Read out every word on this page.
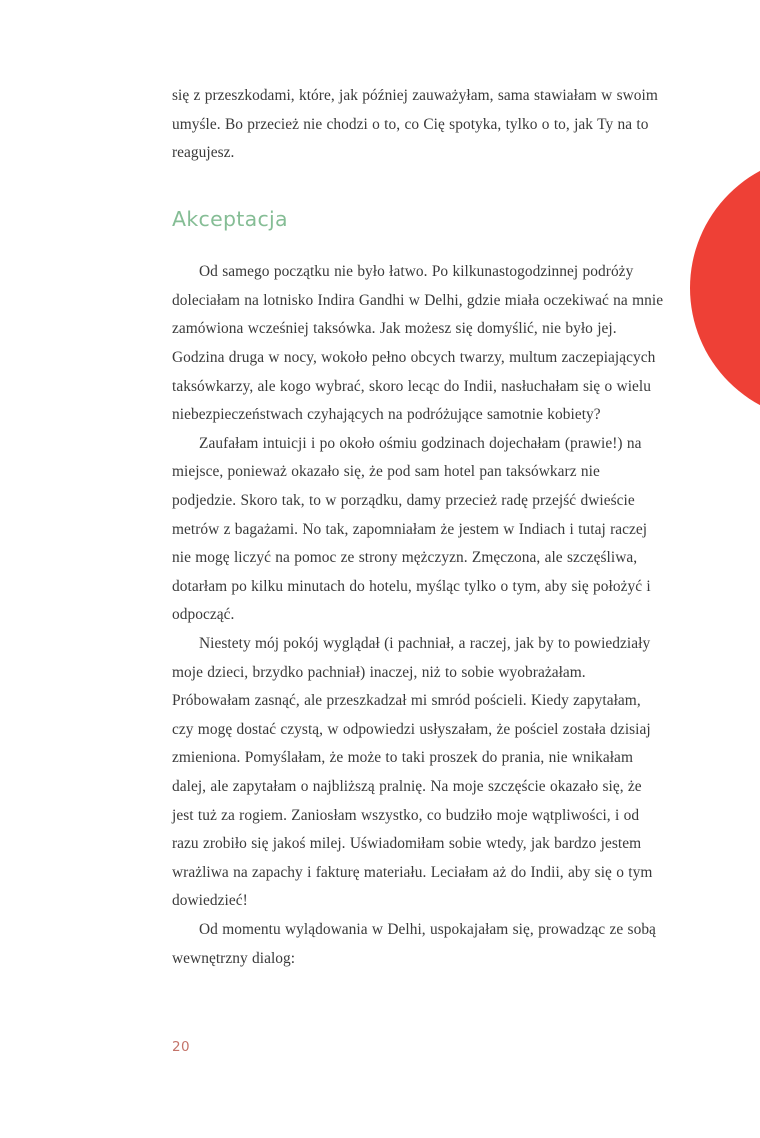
się z przeszkodami, które, jak później zauważyłam, sama stawiałam w swoim umyśle. Bo przecież nie chodzi o to, co Cię spotyka, tylko o to, jak Ty na to reagujesz.

Akceptacja

Od samego początku nie było łatwo. Po kilkunastogodzinnej podróży doleciałam na lotnisko Indira Gandhi w Delhi, gdzie miała oczekiwać na mnie zamówiona wcześniej taksówka. Jak możesz się domyślić, nie było jej. Godzina druga w nocy, wokoło pełno obcych twarzy, multum zaczepiających taksówkarzy, ale kogo wybrać, skoro lecąc do Indii, nasłuchałam się o wielu niebezpieczeństwach czyhających na podróżujące samotnie kobiety?

Zaufałam intuicji i po około ośmiu godzinach dojechałam (prawie!) na miejsce, ponieważ okazało się, że pod sam hotel pan taksówkarz nie podjedzie. Skoro tak, to w porządku, damy przecież radę przejść dwieście metrów z bagażami. No tak, zapomniałam że jestem w Indiach i tutaj raczej nie mogę liczyć na pomoc ze strony mężczyzn. Zmęczona, ale szczęśliwa, dotarłam po kilku minutach do hotelu, myśląc tylko o tym, aby się położyć i odpocząć.

Niestety mój pokój wyglądał (i pachniał, a raczej, jak by to powiedziały moje dzieci, brzydko pachniał) inaczej, niż to sobie wyobrażałam. Próbowałam zasnąć, ale przeszkadzał mi smród pościeli. Kiedy zapytałam, czy mogę dostać czystą, w odpowiedzi usłyszałam, że pościel została dzisiaj zmieniona. Pomyślałam, że może to taki proszek do prania, nie wnikałam dalej, ale zapytałam o najbliższą pralnię. Na moje szczęście okazało się, że jest tuż za rogiem. Zaniosłam wszystko, co budziło moje wątpliwości, i od razu zrobiło się jakoś milej. Uświadomiłam sobie wtedy, jak bardzo jestem wrażliwa na zapachy i fakturę materiału. Leciałam aż do Indii, aby się o tym dowiedzieć!

Od momentu wylądowania w Delhi, uspokajałam się, prowadząc ze sobą wewnętrzny dialog:

20
